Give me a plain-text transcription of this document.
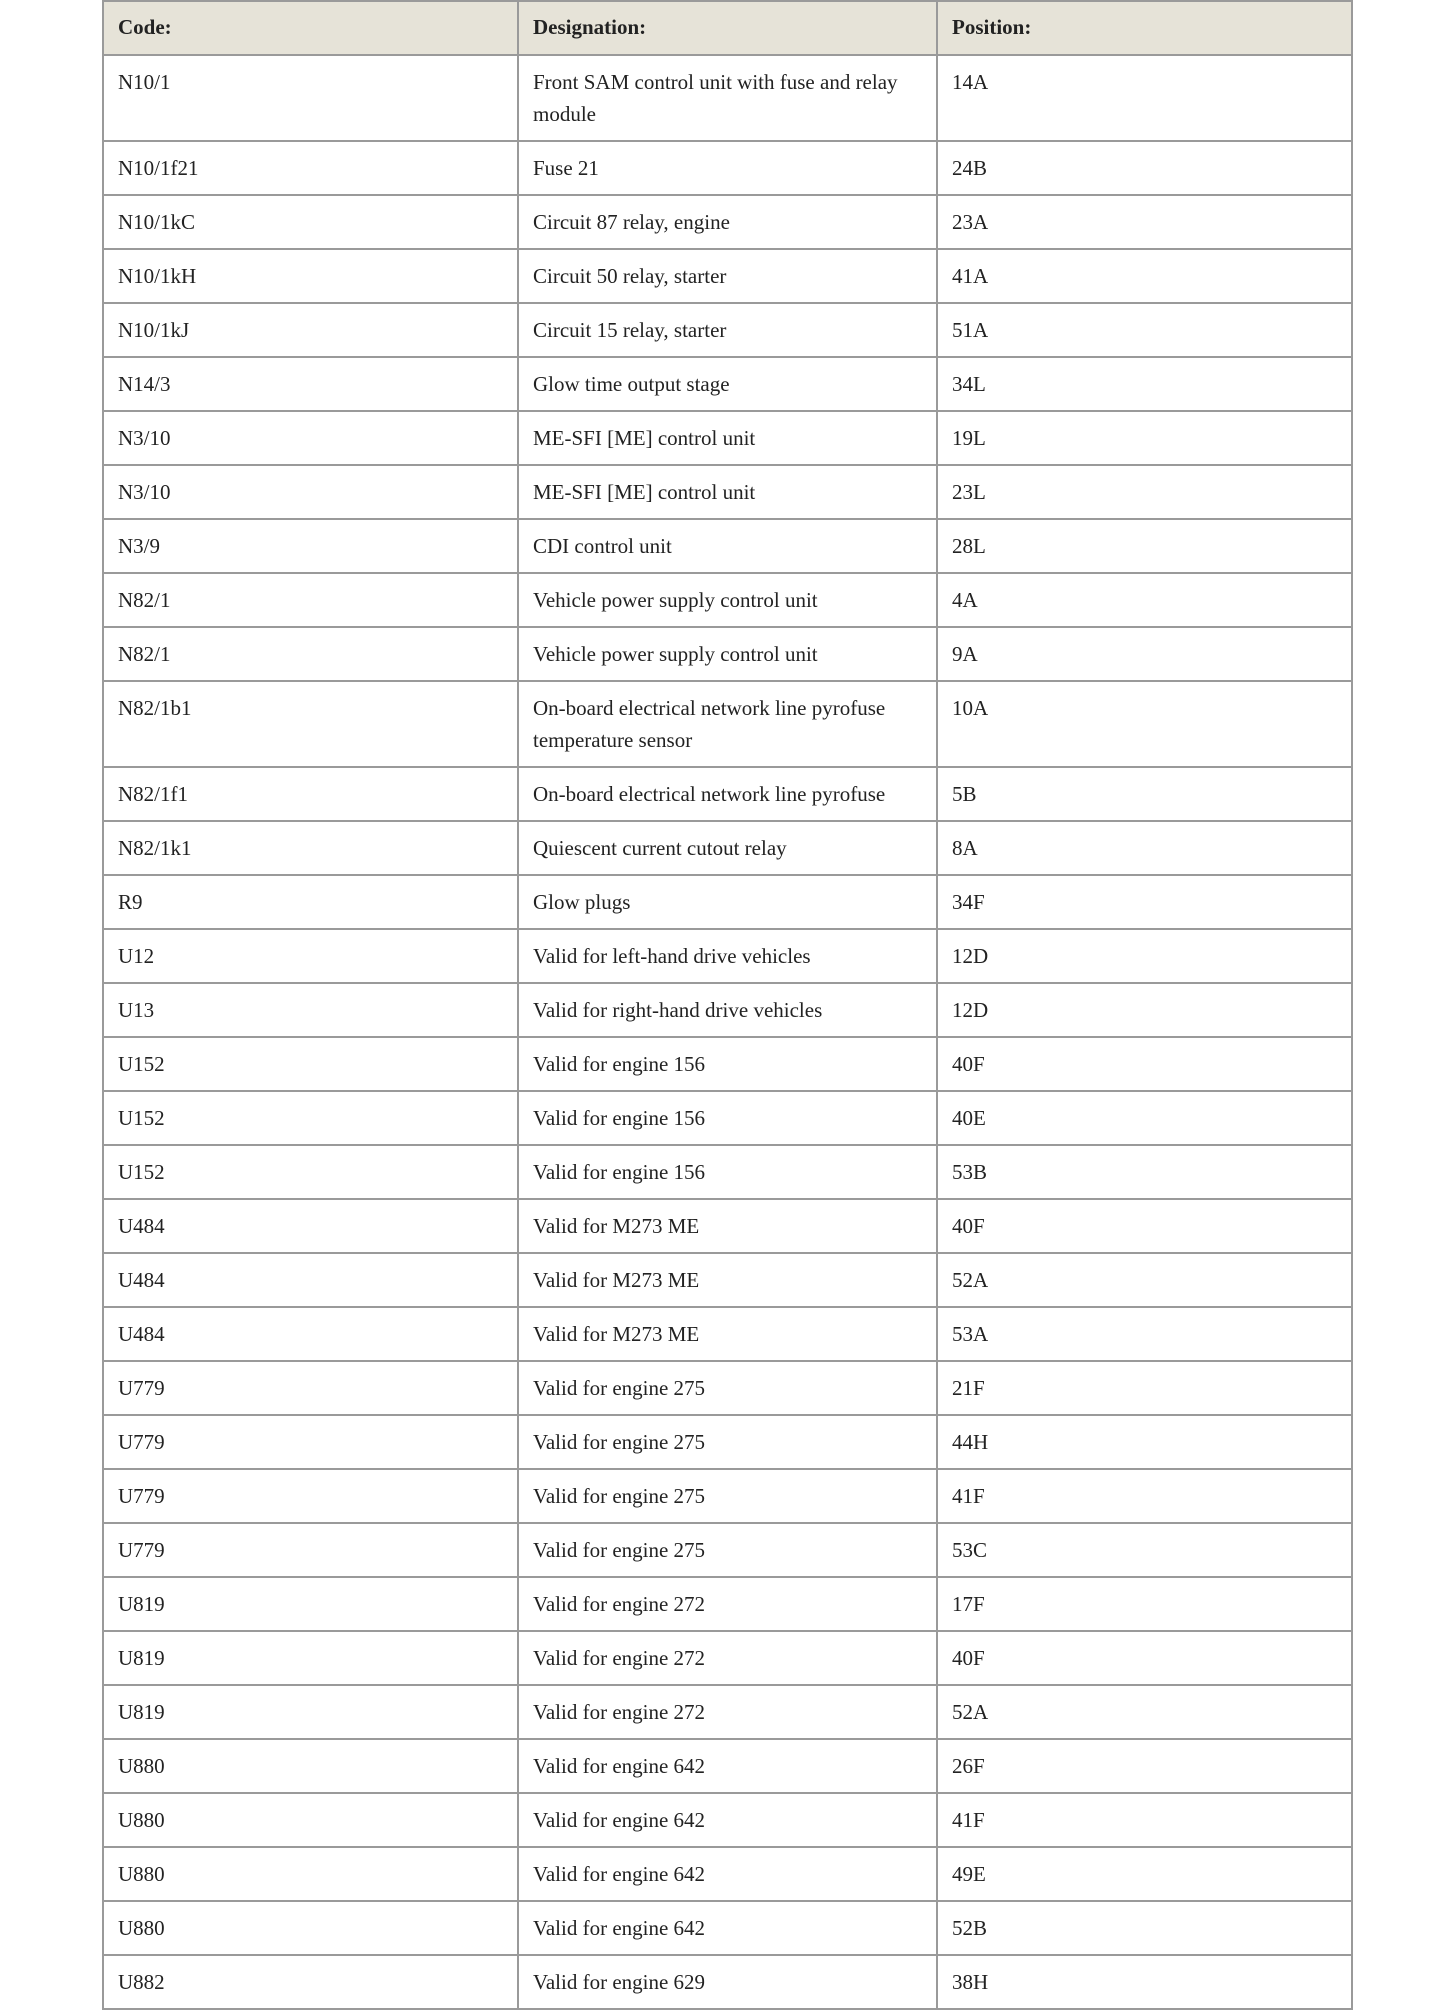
Code:	Designation:	Position:
N10/1	Front SAM control unit with fuse and relay module	14A
N10/1f21	Fuse 21	24B
N10/1kC	Circuit 87 relay, engine	23A
N10/1kH	Circuit 50 relay, starter	41A
N10/1kJ	Circuit 15 relay, starter	51A
N14/3	Glow time output stage	34L
N3/10	ME-SFI [ME] control unit	19L
N3/10	ME-SFI [ME] control unit	23L
N3/9	CDI control unit	28L
N82/1	Vehicle power supply control unit	4A
N82/1	Vehicle power supply control unit	9A
N82/1b1	On-board electrical network line pyrofuse temperature sensor	10A
N82/1f1	On-board electrical network line pyrofuse	5B
N82/1k1	Quiescent current cutout relay	8A
R9	Glow plugs	34F
U12	Valid for left-hand drive vehicles	12D
U13	Valid for right-hand drive vehicles	12D
U152	Valid for engine 156	40F
U152	Valid for engine 156	40E
U152	Valid for engine 156	53B
U484	Valid for M273 ME	40F
U484	Valid for M273 ME	52A
U484	Valid for M273 ME	53A
U779	Valid for engine 275	21F
U779	Valid for engine 275	44H
U779	Valid for engine 275	41F
U779	Valid for engine 275	53C
U819	Valid for engine 272	17F
U819	Valid for engine 272	40F
U819	Valid for engine 272	52A
U880	Valid for engine 642	26F
U880	Valid for engine 642	41F
U880	Valid for engine 642	49E
U880	Valid for engine 642	52B
U882	Valid for engine 629	38H
